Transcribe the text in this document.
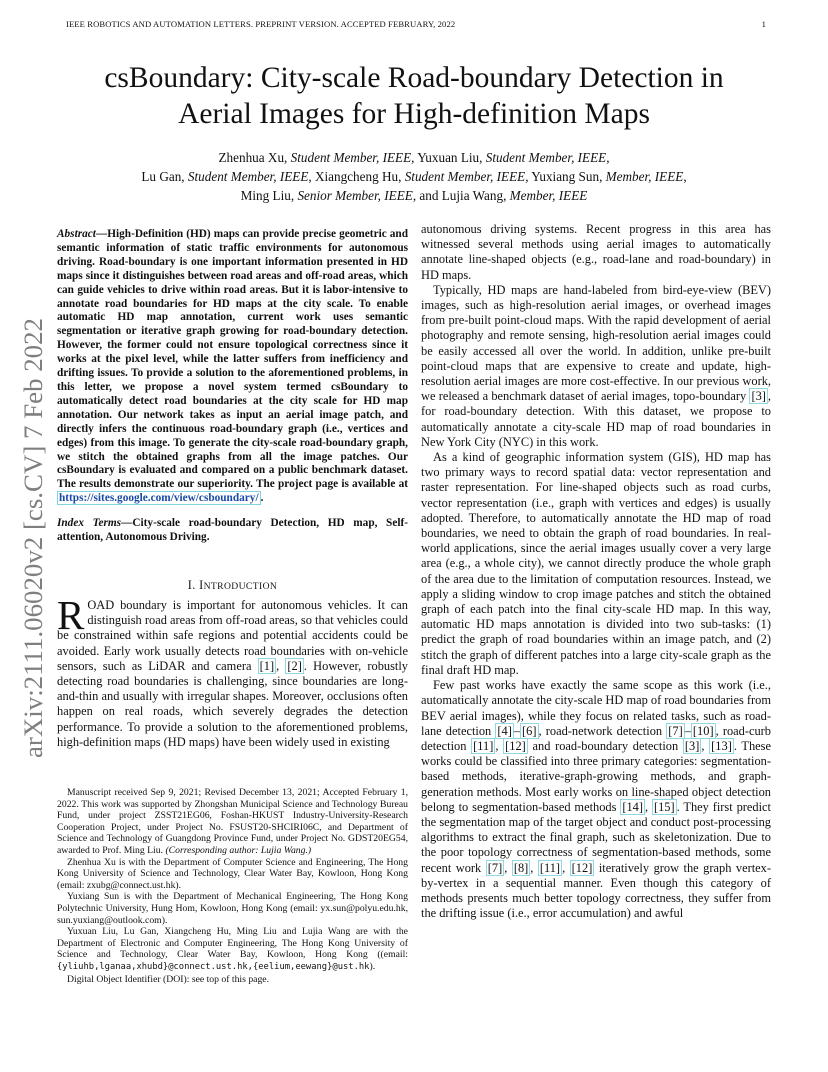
IEEE ROBOTICS AND AUTOMATION LETTERS. PREPRINT VERSION. ACCEPTED FEBRUARY, 2022	1
arXiv:2111.06020v2 [cs.CV] 7 Feb 2022
csBoundary: City-scale Road-boundary Detection in
Aerial Images for High-definition Maps
Zhenhua Xu, Student Member, IEEE, Yuxuan Liu, Student Member, IEEE,
Lu Gan, Student Member, IEEE, Xiangcheng Hu, Student Member, IEEE, Yuxiang Sun, Member, IEEE,
Ming Liu, Senior Member, IEEE, and Lujia Wang, Member, IEEE
Abstract—High-Definition (HD) maps can provide precise geometric and semantic information of static traffic environments for autonomous driving. Road-boundary is one important information presented in HD maps since it distinguishes between road areas and off-road areas, which can guide vehicles to drive within road areas. But it is labor-intensive to annotate road boundaries for HD maps at the city scale. To enable automatic HD map annotation, current work uses semantic segmentation or iterative graph growing for road-boundary detection. However, the former could not ensure topological correctness since it works at the pixel level, while the latter suffers from inefficiency and drifting issues. To provide a solution to the aforementioned problems, in this letter, we propose a novel system termed csBoundary to automatically detect road boundaries at the city scale for HD map annotation. Our network takes as input an aerial image patch, and directly infers the continuous road-boundary graph (i.e., vertices and edges) from this image. To generate the city-scale road-boundary graph, we stitch the obtained graphs from all the image patches. Our csBoundary is evaluated and compared on a public benchmark dataset. The results demonstrate our superiority. The project page is available at https://sites.google.com/view/csboundary/ .
Index Terms—City-scale road-boundary Detection, HD map, Self-attention, Autonomous Driving.
I. INTRODUCTION
ROAD boundary is important for autonomous vehicles. It can distinguish road areas from off-road areas, so that vehicles could be constrained within safe regions and potential accidents could be avoided. Early work usually detects road boundaries with on-vehicle sensors, such as LiDAR and camera [1] , [2] . However, robustly detecting road boundaries is challenging, since boundaries are long-and-thin and usually with irregular shapes. Moreover, occlusions often happen on real roads, which severely degrades the detection performance. To provide a solution to the aforementioned problems, high-definition maps (HD maps) have been widely used in existing

Manuscript received Sep 9, 2021; Revised December 13, 2021; Accepted February 1, 2022. This work was supported by Zhongshan Municipal Science and Technology Bureau Fund, under project ZSST21EG06, Foshan-HKUST Industry-University-Research Cooperation Project, under Project No. FSUST20-SHCIRI06C, and Department of Science and Technology of Guangdong Province Fund, under Project No. GDST20EG54, awarded to Prof. Ming Liu. (Corresponding author: Lujia Wang.)

Zhenhua Xu is with the Department of Computer Science and Engineering, The Hong Kong University of Science and Technology, Clear Water Bay, Kowloon, Hong Kong (email: zxubg@connect.ust.hk).

Yuxiang Sun is with the Department of Mechanical Engineering, The Hong Kong Polytechnic University, Hung Hom, Kowloon, Hong Kong (email: yx.sun@polyu.edu.hk, sun.yuxiang@outlook.com).

Yuxuan Liu, Lu Gan, Xiangcheng Hu, Ming Liu and Lujia Wang are with the Department of Electronic and Computer Engineering, The Hong Kong University of Science and Technology, Clear Water Bay, Kowloon, Hong Kong ((email: {yliuhb,lganaa,xhubd}@connect.ust.hk,{eelium,eewang}@ust.hk).

Digital Object Identifier (DOI): see top of this page.

autonomous driving systems. Recent progress in this area has witnessed several methods using aerial images to automatically annotate line-shaped objects (e.g., road-lane and road-boundary) in HD maps.

Typically, HD maps are hand-labeled from bird-eye-view (BEV) images, such as high-resolution aerial images, or overhead images from pre-built point-cloud maps. With the rapid development of aerial photography and remote sensing, high-resolution aerial images could be easily accessed all over the world. In addition, unlike pre-built point-cloud maps that are expensive to create and update, high-resolution aerial images are more cost-effective. In our previous work, we released a benchmark dataset of aerial images, topo-boundary [3] , for road-boundary detection. With this dataset, we propose to automatically annotate a city-scale HD map of road boundaries in New York City (NYC) in this work.

As a kind of geographic information system (GIS), HD map has two primary ways to record spatial data: vector representation and raster representation. For line-shaped objects such as road curbs, vector representation (i.e., graph with vertices and edges) is usually adopted. Therefore, to automatically annotate the HD map of road boundaries, we need to obtain the graph of road boundaries. In real-world applications, since the aerial images usually cover a very large area (e.g., a whole city), we cannot directly produce the whole graph of the area due to the limitation of computation resources. Instead, we apply a sliding window to crop image patches and stitch the obtained graph of each patch into the final city-scale HD map. In this way, automatic HD maps annotation is divided into two sub-tasks: (1) predict the graph of road boundaries within an image patch, and (2) stitch the graph of different patches into a large city-scale graph as the final draft HD map.

Few past works have exactly the same scope as this work (i.e., automatically annotate the city-scale HD map of road boundaries from BEV aerial images), while they focus on related tasks, such as road-lane detection [4] – [6] , road-network detection [7] – [10] , road-curb detection [11] , [12] and road-boundary detection [3] , [13] . These works could be classified into three primary categories: segmentation-based methods, iterative-graph-growing methods, and graph-generation methods. Most early works on line-shaped object detection belong to segmentation-based methods [14] , [15] . They first predict the segmentation map of the target object and conduct post-processing algorithms to extract the final graph, such as skeletonization. Due to the poor topology correctness of segmentation-based methods, some recent work [7] , [8] , [11] , [12] iteratively grow the graph vertex-by-vertex in a sequential manner. Even though this category of methods presents much better topology correctness, they suffer from the drifting issue (i.e., error accumulation) and awful
